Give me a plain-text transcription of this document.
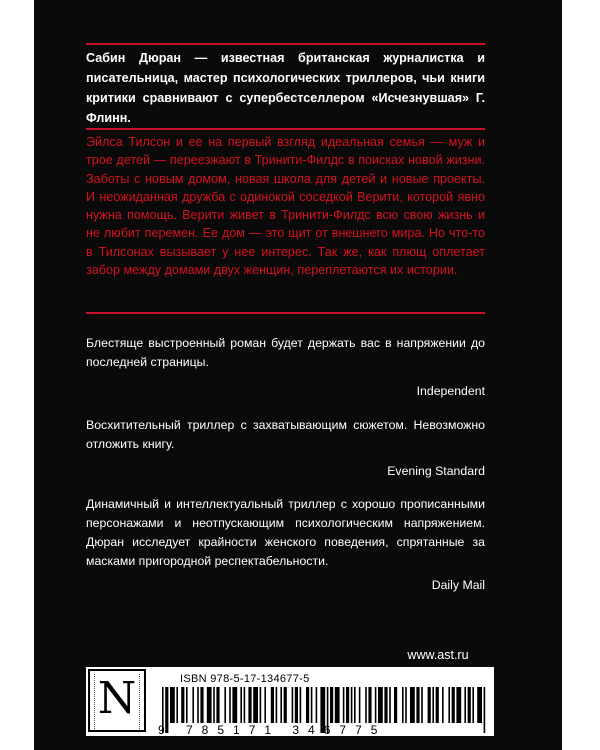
Сабин Дюран — известная британская журналистка и писательница, мастер психологических триллеров, чьи книги критики сравнивают с супербестселлером «Исчезнувшая» Г. Флинн.

Эйлса Тилсон и ее на первый взгляд идеальная семья — муж и трое детей — переезжают в Тринити-Филдс в поисках новой жизни. Заботы с новым домом, новая школа для детей и новые проекты. И неожиданная дружба с одинокой соседкой Верити, которой явно нужна помощь. Верити живет в Тринити-Филдс всю свою жизнь и не любит перемен. Ее дом — это щит от внешнего мира. Но что-то в Тилсонах вызывает у нее интерес. Так же, как плющ оплетает забор между домами двух женщин, переплетаются их истории.

Блестяще выстроенный роман будет держать вас в напряжении до последней страницы.

Independent

Восхитительный триллер с захватывающим сюжетом. Невозможно отложить книгу.

Evening Standard

Динамичный и интеллектуальный триллер с хорошо прописанными персонажами и неотпускающим психологическим напряжением. Дюран исследует крайности женского поведения, спрятанные за масками пригородной респектабельности.

Daily Mail
www.ast.ru
N	ISBN 978-5-17-134677-5
9 785171 346775
